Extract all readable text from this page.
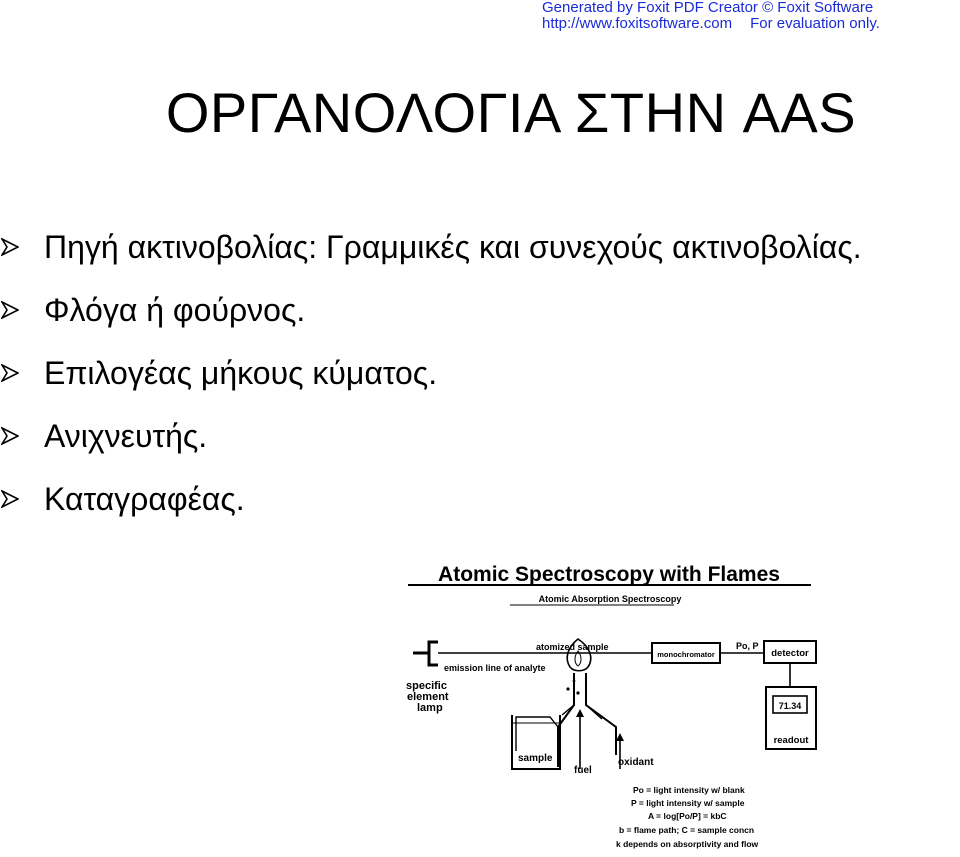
Generated by Foxit PDF Creator © Foxit Software
http://www.foxitsoftware.com For evaluation only.
ΟΡΓΑΝΟΛΟΓΙΑ ΣΤΗΝ AAS
Πηγή ακτινοβολίας: Γραμμικές και συνεχούς ακτινοβολίας.
Φλόγα ή φούρνος.
Επιλογέας μήκους κύματος.
Ανιχνευτής.
Καταγραφέας.
Atomic Spectroscopy with Flames
Atomic Absorption Spectroscopy
emission line of analyte
specific
element
lamp
atomized sample
fuel
oxidant
sample
monochromator
Po, P
detector
71.34
readout
Po = light intensity w/ blank
P = light intensity w/ sample
A = log[Po/P] = kbC
b = flame path; C = sample concn
k depends on absorptivity and flow
